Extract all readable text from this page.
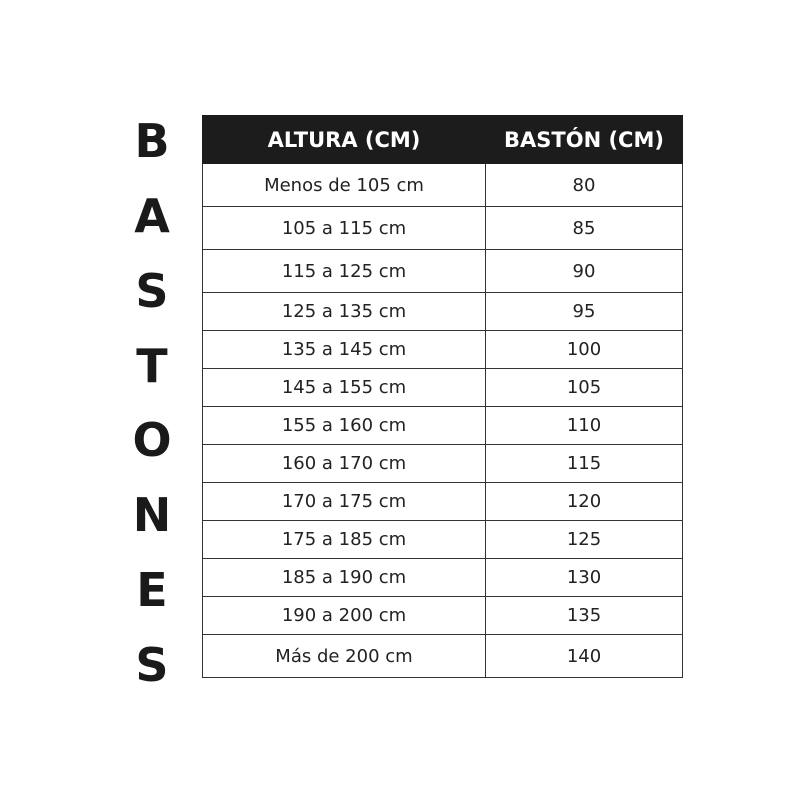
B
A
S
T
O
N
E
S
ALTURA (CM)	BASTÓN (CM)
Menos de 105 cm	80
105 a 115 cm	85
115 a 125 cm	90
125 a 135 cm	95
135 a 145 cm	100
145 a 155 cm	105
155 a 160 cm	110
160 a 170 cm	115
170 a 175 cm	120
175 a 185 cm	125
185 a 190 cm	130
190 a 200 cm	135
Más de 200 cm	140
